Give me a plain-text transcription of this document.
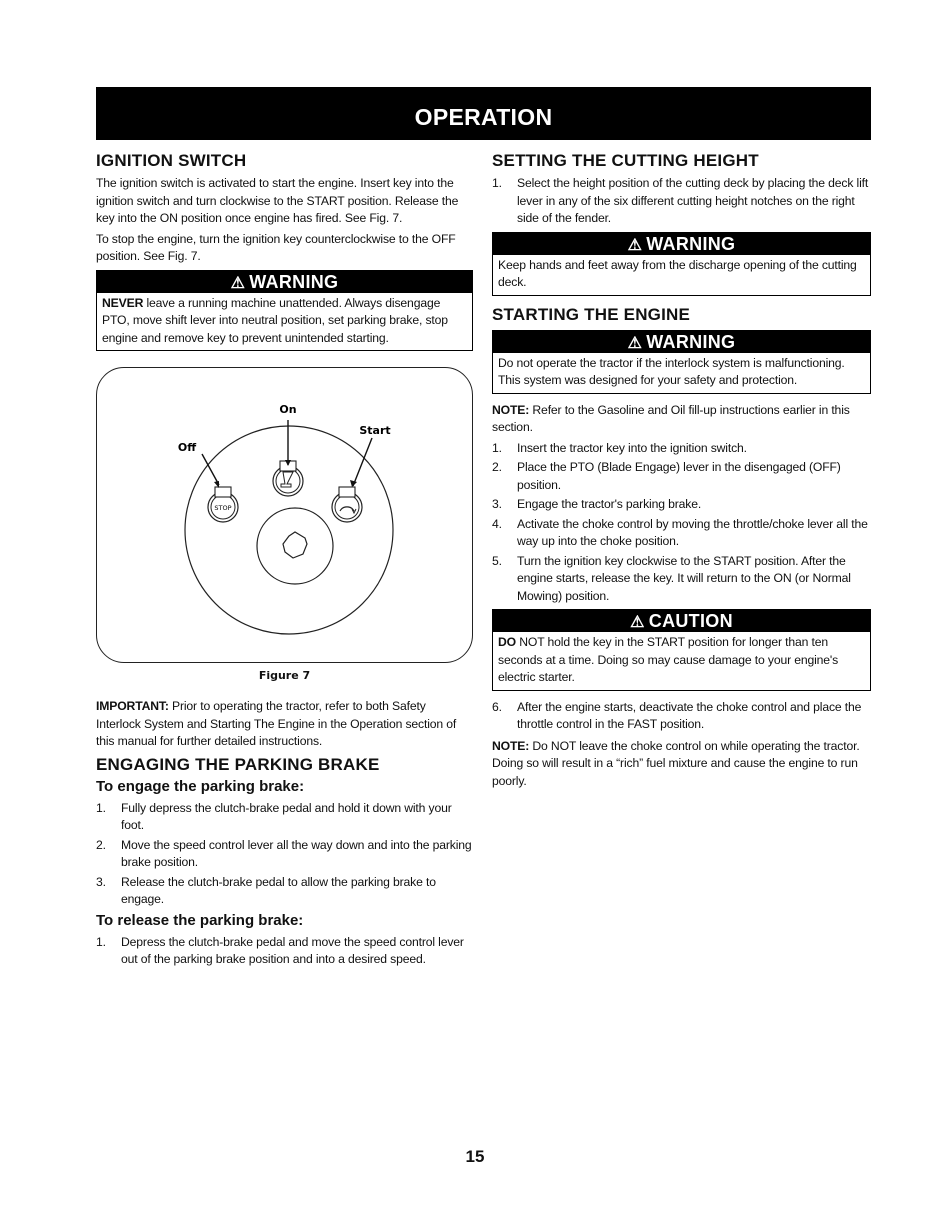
OPERATION
IGNITION SWITCH

The ignition switch is activated to start the engine. Insert key into the ignition switch and turn clockwise to the START position. Release the key into the ON position once engine has fired. See Fig. 7.

To stop the engine, turn the ignition key counterclockwise to the OFF position. See Fig. 7.

⚠ WARNING
NEVER leave a running machine unattended. Always disengage PTO, move shift lever into neutral position, set parking brake, stop engine and remove key to prevent unintended starting.
STOP
On
Off
Start
Figure 7

IMPORTANT: Prior to operating the tractor, refer to both Safety Interlock System and Starting The Engine in the Operation section of this manual for further detailed instructions.

ENGAGING THE PARKING BRAKE
To engage the parking brake:
1. Fully depress the clutch-brake pedal and hold it down with your foot.
2. Move the speed control lever all the way down and into the parking brake position.
3. Release the clutch-brake pedal to allow the parking brake to engage.
To release the parking brake:
1. Depress the clutch-brake pedal and move the speed control lever out of the parking brake position and into a desired speed.
SETTING THE CUTTING HEIGHT
1. Select the height position of the cutting deck by placing the deck lift lever in any of the six different cutting height notches on the right side of the fender.
⚠ WARNING
Keep hands and feet away from the discharge opening of the cutting deck.
STARTING THE ENGINE
⚠ WARNING
Do not operate the tractor if the interlock system is malfunctioning. This system was designed for your safety and protection.

NOTE: Refer to the Gasoline and Oil fill-up instructions earlier in this section.

1. Insert the tractor key into the ignition switch.
2. Place the PTO (Blade Engage) lever in the disengaged (OFF) position.
3. Engage the tractor's parking brake.
4. Activate the choke control by moving the throttle/choke lever all the way up into the choke position.
5. Turn the ignition key clockwise to the START position. After the engine starts, release the key. It will return to the ON (or Normal Mowing) position.
⚠ CAUTION
DO NOT hold the key in the START position for longer than ten seconds at a time. Doing so may cause damage to your engine's electric starter.
6. After the engine starts, deactivate the choke control and place the throttle control in the FAST position.

NOTE: Do NOT leave the choke control on while operating the tractor. Doing so will result in a “rich” fuel mixture and cause the engine to run poorly.

15
